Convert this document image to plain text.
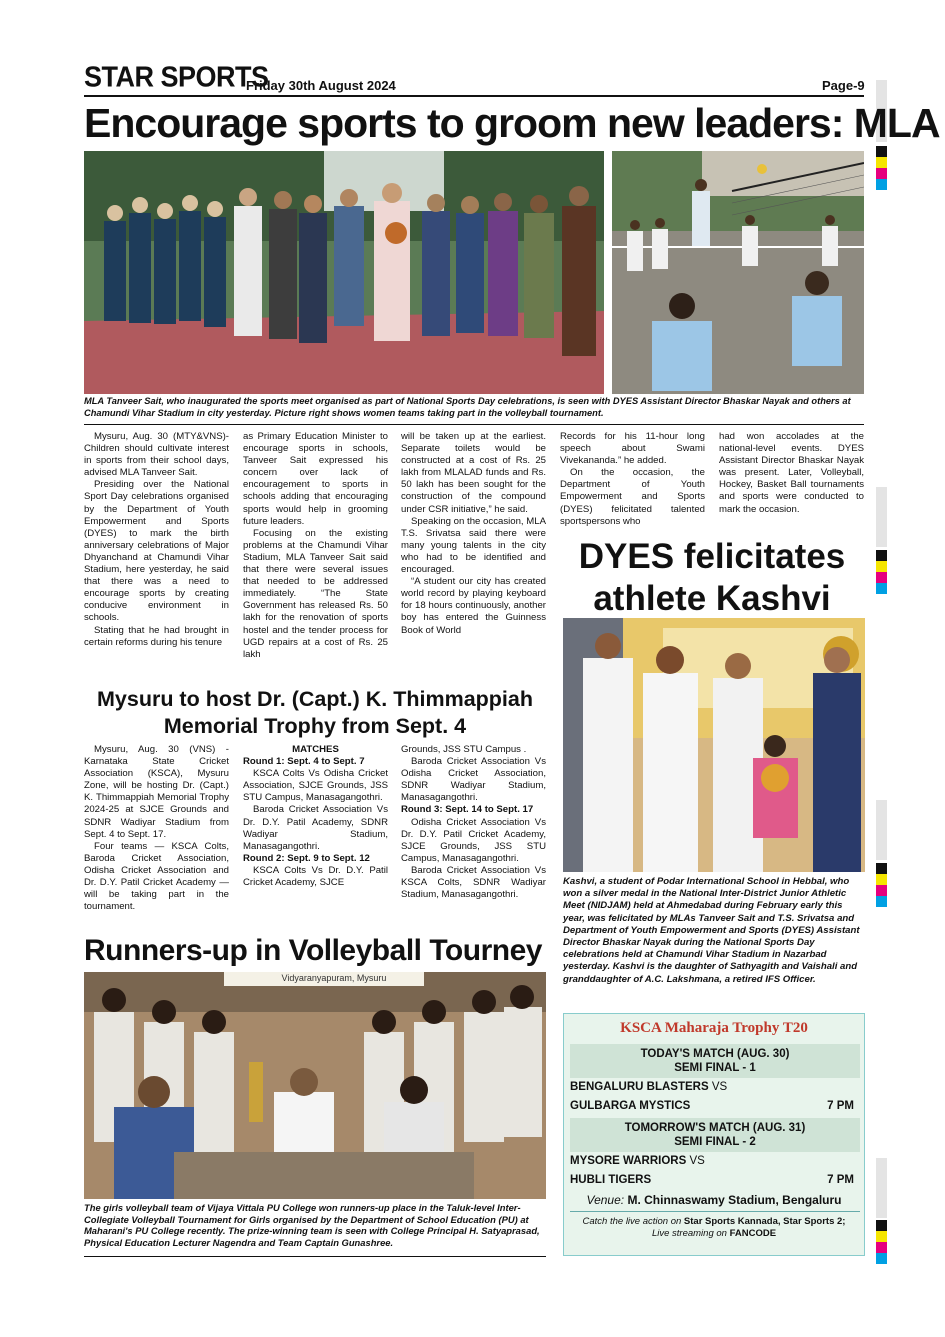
STAR SPORTS
Friday 30th August 2024	Page-9
Encourage sports to groom new leaders: MLA
MLA Tanveer Sait, who inaugurated the sports meet organised as part of National Sports Day celebrations, is seen with DYES Assistant Director Bhaskar Nayak and others at Chamundi Vihar Stadium in city yesterday. Picture right shows women teams taking part in the volleyball tournament.

Mysuru, Aug. 30 (MTY&VNS)- Children should cultivate interest in sports from their school days, advised MLA Tanveer Sait.

Presiding over the National Sport Day celebrations organised by the Department of Youth Empowerment and Sports (DYES) to mark the birth anniversary celebrations of Major Dhyanchand at Chamundi Vihar Stadium, here yesterday, he said that there was a need to encourage sports by creating conducive environment in schools.

Stating that he had brought in certain reforms during his tenure

as Primary Education Minister to encourage sports in schools, Tanveer Sait expressed his concern over lack of encouragement to sports in schools adding that encouraging sports would help in grooming future leaders.

Focusing on the existing problems at the Chamundi Vihar Stadium, MLA Tanveer Sait said that there were several issues that needed to be addressed immediately. “The State Government has released Rs. 50 lakh for the renovation of sports hostel and the tender process for UGD repairs at a cost of Rs. 25 lakh

will be taken up at the earliest. Separate toilets would be constructed at a cost of Rs. 25 lakh from MLALAD funds and Rs. 50 lakh has been sought for the construction of the compound under CSR initiative,” he said.

Speaking on the occasion, MLA T.S. Srivatsa said there were many young talents in the city who had to be identified and encouraged.

“A student our city has created world record by playing keyboard for 18 hours continuously, another boy has entered the Guinness Book of World

Records for his 11-hour long speech about Swami Vivekananda.” he added.

On the occasion, the Department of Youth Empowerment and Sports (DYES) felicitated talented sportspersons who

had won accolades at the national-level events. DYES Assistant Director Bhaskar Nayak was present. Later, Volleyball, Hockey, Basket Ball tournaments and sports were conducted to mark the occasion.

DYES felicitates
athlete Kashvi
Kashvi, a student of Podar International School in Hebbal, who won a silver medal in the National Inter-District Junior Athletic Meet (NIDJAM) held at Ahmedabad during February early this year, was felicitated by MLAs Tanveer Sait and T.S. Srivatsa and Department of Youth Empowerment and Sports (DYES) Assistant Director Bhaskar Nayak during the National Sports Day celebrations held at Chamundi Vihar Stadium in Nazarbad yesterday. Kashvi is the daughter of Sathyagith and Vaishali and granddaughter of A.C. Lakshmana, a retired IFS Officer.
Mysuru to host Dr. (Capt.) K. Thimmappiah
Memorial Trophy from Sept. 4

Mysuru, Aug. 30 (VNS) - Karnataka State Cricket Association (KSCA), Mysuru Zone, will be hosting Dr. (Capt.) K. Thimmappiah Memorial Trophy 2024-25 at SJCE Grounds and SDNR Wadiyar Stadium from Sept. 4 to Sept. 17.

Four teams — KSCA Colts, Baroda Cricket Association, Odisha Cricket Association and Dr. D.Y. Patil Cricket Academy — will be taking part in the tournament.

MATCHES

Round 1: Sept. 4 to Sept. 7

KSCA Colts Vs Odisha Cricket Association, SJCE Grounds, JSS STU Campus, Manasagangothri.

Baroda Cricket Association Vs Dr. D.Y. Patil Academy, SDNR Wadiyar Stadium, Manasagangothri.

Round 2: Sept. 9 to Sept. 12

KSCA Colts Vs Dr. D.Y. Patil Cricket Academy, SJCE

Grounds, JSS STU Campus .

Baroda Cricket Association Vs Odisha Cricket Association, SDNR Wadiyar Stadium, Manasagangothri.

Round 3: Sept. 14 to Sept. 17

Odisha Cricket Association Vs Dr. D.Y. Patil Cricket Academy, SJCE Grounds, JSS STU Campus, Manasagangothri.

Baroda Cricket Association Vs KSCA Colts, SDNR Wadiyar Stadium, Manasagangothri.

Runners-up in Volleyball Tourney
Vidyaranyapuram, Mysuru
The girls volleyball team of Vijaya Vittala PU College won runners-up place in the Taluk-level Inter-Collegiate Volleyball Tournament for Girls organised by the Department of School Education (PU) at Maharani's PU College recently. The prize-winning team is seen with College Principal H. Satyaprasad, Physical Education Lecturer Nagendra and Team Captain Gunashree.
KSCA Maharaja Trophy T20
TODAY'S MATCH (AUG. 30)
SEMI FINAL - 1
BENGALURU BLASTERS VS
GULBARGA MYSTICS	7 PM
TOMORROW'S MATCH (AUG. 31)
SEMI FINAL - 2
MYSORE WARRIORS VS
HUBLI TIGERS	7 PM
Venue: M. Chinnaswamy Stadium, Bengaluru
Catch the live action on Star Sports Kannada, Star Sports 2;
Live streaming on FANCODE
